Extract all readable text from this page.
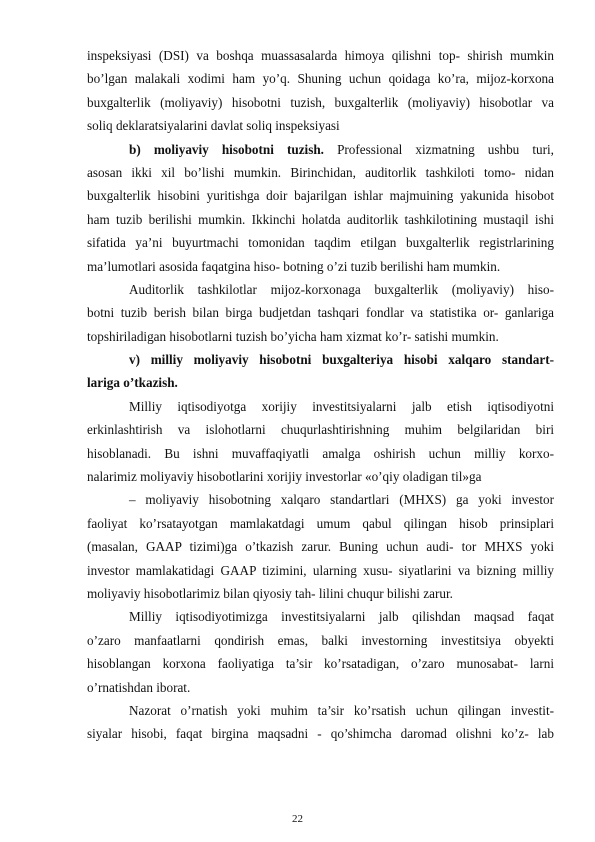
inspeksiyasi (DSI) va boshqa muassasalarda himoya qilishni top- shirish mumkin
bo’lgan malakali xodimi ham yo’q. Shuning uchun qoidaga ko’ra, mijoz-korxona
buxgalterlik (moliyaviy) hisobotni tuzish, buxgalterlik (moliyaviy) hisobotlar va
soliq deklaratsiyalarini davlat soliq inspeksiyasi
b) moliyaviy hisobotni tuzish. Professional xizmatning ushbu turi,
asosan ikki xil bo’lishi mumkin. Birinchidan, auditorlik tashkiloti tomo- nidan
buxgalterlik hisobini yuritishga doir bajarilgan ishlar majmuining yakunida hisobot
ham tuzib berilishi mumkin. Ikkinchi holatda auditorlik tashkilotining mustaqil ishi
sifatida ya’ni buyurtmachi tomonidan taqdim etilgan buxgalterlik registrlarining
ma’lumotlari asosida faqatgina hiso- botning o’zi tuzib berilishi ham mumkin.
Auditorlik tashkilotlar mijoz-korxonaga buxgalterlik (moliyaviy) hiso-
botni tuzib berish bilan birga budjetdan tashqari fondlar va statistika or- ganlariga
topshiriladigan hisobotlarni tuzish bo’yicha ham xizmat ko’r- satishi mumkin.
v) milliy moliyaviy hisobotni buxgalteriya hisobi xalqaro standart-
lariga o’tkazish.
Milliy iqtisodiyotga xorijiy investitsiyalarni jalb etish iqtisodiyotni
erkinlashtirish va islohotlarni chuqurlashtirishning muhim belgilaridan biri
hisoblanadi. Bu ishni muvaffaqiyatli amalga oshirish uchun milliy korxo-
nalarimiz moliyaviy hisobotlarini xorijiy investorlar «o’qiy oladigan til»ga
– moliyaviy hisobotning xalqaro standartlari (MHXS) ga yoki investor
faoliyat ko’rsatayotgan mamlakatdagi umum qabul qilingan hisob prinsiplari
(masalan, GAAP tizimi)ga o’tkazish zarur. Buning uchun audi- tor MHXS yoki
investor mamlakatidagi GAAP tizimini, ularning xusu- siyatlarini va bizning milliy
moliyaviy hisobotlarimiz bilan qiyosiy tah- lilini chuqur bilishi zarur.
Milliy iqtisodiyotimizga investitsiyalarni jalb qilishdan maqsad faqat
o’zaro manfaatlarni qondirish emas, balki investorning investitsiya obyekti
hisoblangan korxona faoliyatiga ta’sir ko’rsatadigan, o’zaro munosabat- larni
o’rnatishdan iborat.
Nazorat o’rnatish yoki muhim ta’sir ko’rsatish uchun qilingan investit-
siyalar hisobi, faqat birgina maqsadni - qo’shimcha daromad olishni ko’z- lab
22
